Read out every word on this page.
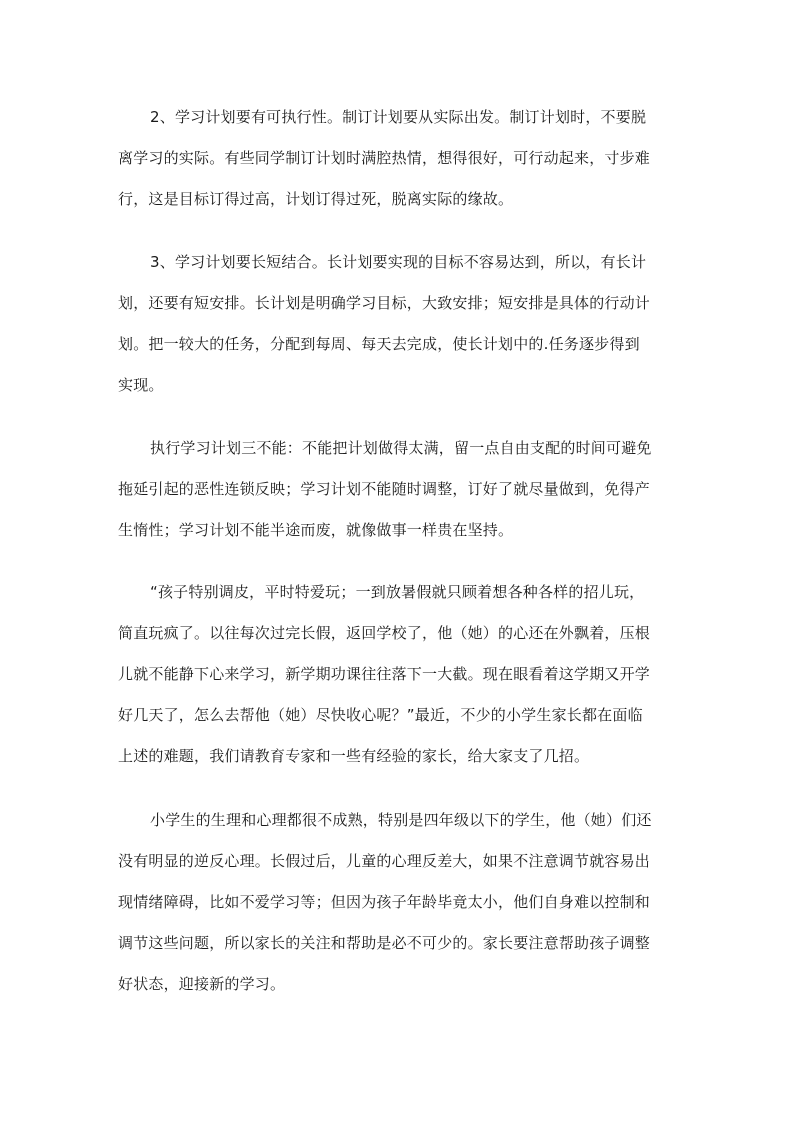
2、学习计划要有可执行性。制订计划要从实际出发。制订计划时，不要脱
离学习的实际。有些同学制订计划时满腔热情，想得很好，可行动起来，寸步难
行，这是目标订得过高，计划订得过死，脱离实际的缘故。
3、学习计划要长短结合。长计划要实现的目标不容易达到，所以，有长计
划，还要有短安排。长计划是明确学习目标，大致安排；短安排是具体的行动计
划。把一较大的任务，分配到每周、每天去完成，使长计划中的.任务逐步得到
实现。
执行学习计划三不能：不能把计划做得太满，留一点自由支配的时间可避免
拖延引起的恶性连锁反映；学习计划不能随时调整，订好了就尽量做到，免得产
生惰性；学习计划不能半途而废，就像做事一样贵在坚持。
“孩子特别调皮，平时特爱玩；一到放暑假就只顾着想各种各样的招儿玩，
简直玩疯了。以往每次过完长假，返回学校了，他（她）的心还在外飘着，压根
儿就不能静下心来学习，新学期功课往往落下一大截。现在眼看着这学期又开学
好几天了，怎么去帮他（她）尽快收心呢？”最近，不少的小学生家长都在面临
上述的难题，我们请教育专家和一些有经验的家长，给大家支了几招。
小学生的生理和心理都很不成熟，特别是四年级以下的学生，他（她）们还
没有明显的逆反心理。长假过后，儿童的心理反差大，如果不注意调节就容易出
现情绪障碍，比如不爱学习等；但因为孩子年龄毕竟太小，他们自身难以控制和
调节这些问题，所以家长的关注和帮助是必不可少的。家长要注意帮助孩子调整
好状态，迎接新的学习。
